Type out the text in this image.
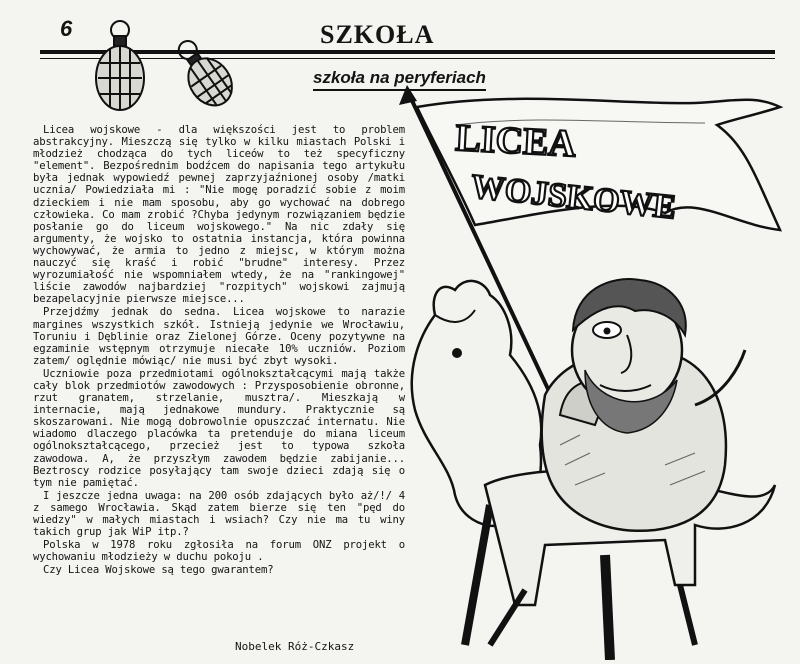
6	SZKOŁA
szkoła na peryferiach

Licea wojskowe - dla większości jest to problem abstrakcyjny. Mieszczą się tylko w kilku miastach Polski i młodzież chodząca do tych liceów to też specyficzny "element". Bezpośrednim bodźcem do napisania tego artykułu była jednak wypowiedź pewnej zaprzyjaźnionej osoby /matki ucznia/ Powiedziała mi : "Nie mogę poradzić sobie z moim dzieckiem i nie mam sposobu, aby go wychować na dobrego człowieka. Co mam zrobić ?Chyba jedynym rozwiązaniem będzie posłanie go do liceum wojskowego." Na nic zdały się argumenty, że wojsko to ostatnia instancja, która powinna wychowywać, że armia to jedno z miejsc, w którym można nauczyć się kraść i robić "brudne" interesy. Przez wyrozumiałość nie wspomniałem wtedy, że na "rankingowej" liście zawodów najbardziej "rozpitych" wojskowi zajmują bezapelacyjnie pierwsze miejsce...

Przejdźmy jednak do sedna. Licea wojskowe to narazie margines wszystkich szkół. Istnieją jedynie we Wrocławiu, Toruniu i Dęblinie oraz Zielonej Górze. Oceny pozytywne na egzaminie wstępnym otrzymuje niecałe 10% uczniów. Poziom zatem/ oględnie mówiąc/ nie musi być zbyt wysoki.

Uczniowie poza przedmiotami ogólnokształcącymi mają także cały blok przedmiotów zawodowych : Przysposobienie obronne, rzut granatem, strzelanie, musztra/. Mieszkają w internacie, mają jednakowe mundury. Praktycznie są skoszarowani. Nie mogą dobrowolnie opuszczać internatu. Nie wiadomo dlaczego placówka ta pretenduje do miana liceum ogólnokształcącego, przecież jest to typowa szkoła zawodowa. A, że przyszłym zawodem będzie zabijanie... Beztroscy rodzice posyłający tam swoje dzieci zdają się o tym nie pamiętać.

I jeszcze jedna uwaga: na 200 osób zdających było aż/!/ 4 z samego Wrocławia. Skąd zatem bierze się ten "pęd do wiedzy" w małych miastach i wsiach? Czy nie ma tu winy takich grup jak WiP itp.?

Polska w 1978 roku zgłosiła na forum ONZ projekt o wychowaniu młodzieży w duchu pokoju .

Czy Licea Wojskowe są tego gwarantem?

Nobelek Róż-Czkasz
LICEA
WOJSKOWE
